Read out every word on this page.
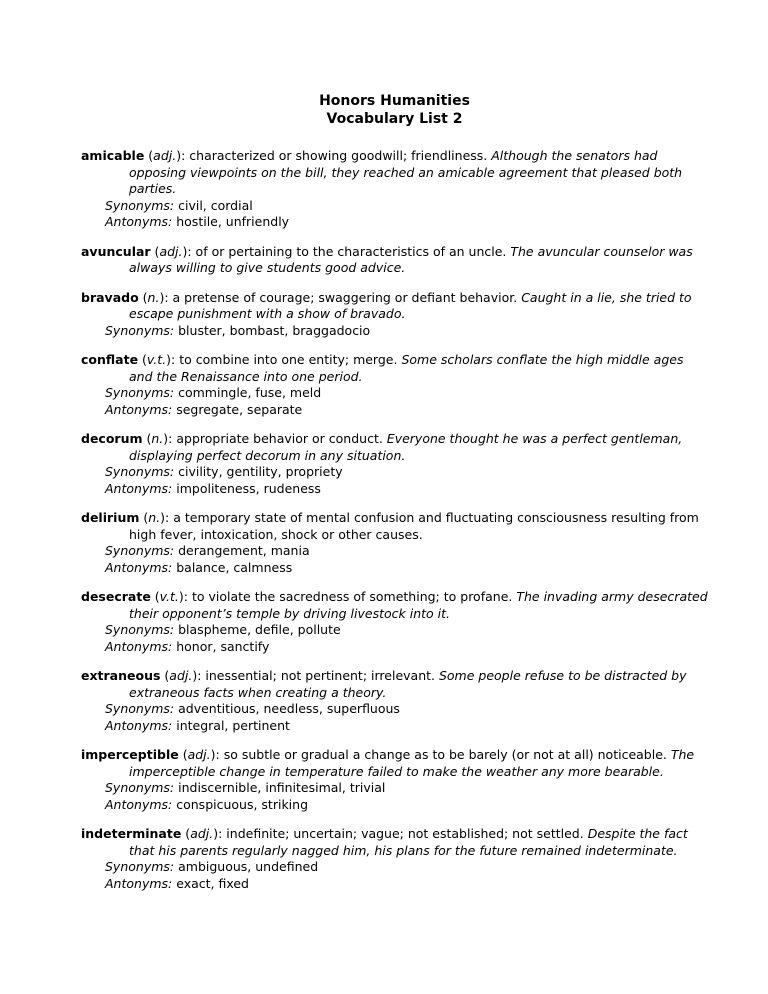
Honors Humanities
Vocabulary List 2
amicable (adj.): characterized or showing goodwill; friendliness. Although the senators had opposing viewpoints on the bill, they reached an amicable agreement that pleased both parties.
Synonyms: civil, cordial
Antonyms: hostile, unfriendly
avuncular (adj.): of or pertaining to the characteristics of an uncle. The avuncular counselor was always willing to give students good advice.
bravado (n.): a pretense of courage; swaggering or defiant behavior. Caught in a lie, she tried to escape punishment with a show of bravado.
Synonyms: bluster, bombast, braggadocio
conflate (v.t.): to combine into one entity; merge. Some scholars conflate the high middle ages and the Renaissance into one period.
Synonyms: commingle, fuse, meld
Antonyms: segregate, separate
decorum (n.): appropriate behavior or conduct. Everyone thought he was a perfect gentleman, displaying perfect decorum in any situation.
Synonyms: civility, gentility, propriety
Antonyms: impoliteness, rudeness
delirium (n.): a temporary state of mental confusion and fluctuating consciousness resulting from high fever, intoxication, shock or other causes.
Synonyms: derangement, mania
Antonyms: balance, calmness
desecrate (v.t.): to violate the sacredness of something; to profane. The invading army desecrated their opponent’s temple by driving livestock into it.
Synonyms: blaspheme, defile, pollute
Antonyms: honor, sanctify
extraneous (adj.): inessential; not pertinent; irrelevant. Some people refuse to be distracted by extraneous facts when creating a theory.
Synonyms: adventitious, needless, superfluous
Antonyms: integral, pertinent
imperceptible (adj.): so subtle or gradual a change as to be barely (or not at all) noticeable. The imperceptible change in temperature failed to make the weather any more bearable.
Synonyms: indiscernible, infinitesimal, trivial
Antonyms: conspicuous, striking
indeterminate (adj.): indefinite; uncertain; vague; not established; not settled. Despite the fact that his parents regularly nagged him, his plans for the future remained indeterminate.
Synonyms: ambiguous, undefined
Antonyms: exact, fixed
